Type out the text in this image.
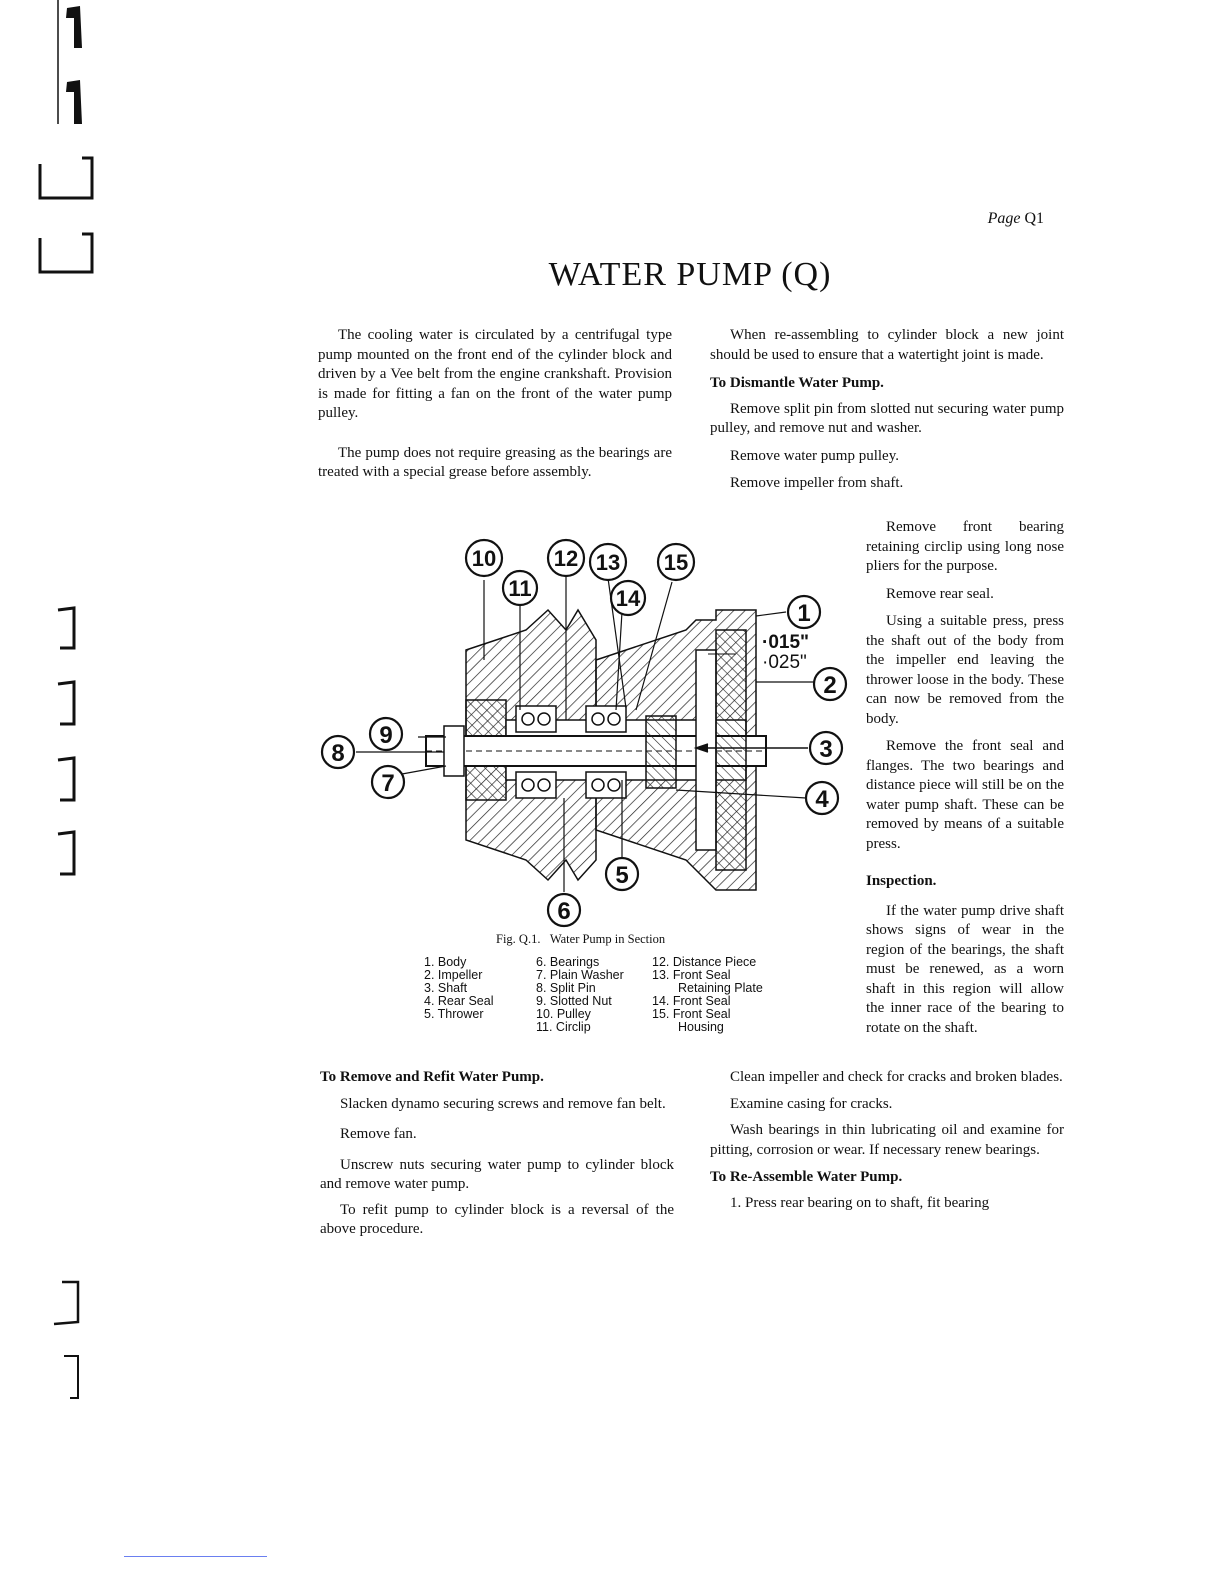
Page Q1
WATER PUMP (Q)

The cooling water is circulated by a centrifugal type pump mounted on the front end of the cylinder block and driven by a Vee belt from the engine crankshaft. Provision is made for fitting a fan on the front of the water pump pulley.

The pump does not require greasing as the bearings are treated with a special grease before assembly.

When re-assembling to cylinder block a new joint should be used to ensure that a watertight joint is made.

To Dismantle Water Pump.

Remove split pin from slotted nut securing water pump pulley, and remove nut and washer.

Remove water pump pulley.

Remove impeller from shaft.

Remove front bearing retaining circlip using long nose pliers for the purpose.

Remove rear seal.

Using a suitable press, press the shaft out of the body from the impeller end leaving the thrower loose in the body. These can now be removed from the body.

Remove the front seal and flanges. The two bearings and distance piece will still be on the water pump shaft. These can be removed by means of a suitable press.

Inspection.

If the water pump drive shaft shows signs of wear in the region of the bearings, the shaft must be renewed, as a worn shaft in this region will allow the inner race of the bearing to rotate on the shaft.

1
2
3
4
5
6
7
8
9
10
11
12 13
14
15
·015"
·025"
Fig. Q.1. Water Pump in Section
1. Body
2. Impeller
3. Shaft
4. Rear Seal
5. Thrower
6. Bearings
7. Plain Washer
8. Split Pin
9. Slotted Nut
10. Pulley
11. Circlip
12. Distance Piece
13. Front Seal
Retaining Plate
14. Front Seal
15. Front Seal
Housing
To Remove and Refit Water Pump.

Slacken dynamo securing screws and remove fan belt.

Remove fan.

Unscrew nuts securing water pump to cylinder block and remove water pump.

To refit pump to cylinder block is a reversal of the above procedure.

Clean impeller and check for cracks and broken blades.

Examine casing for cracks.

Wash bearings in thin lubricating oil and examine for pitting, corrosion or wear. If necessary renew bearings.

To Re-Assemble Water Pump.

1. Press rear bearing on to shaft, fit bearing
